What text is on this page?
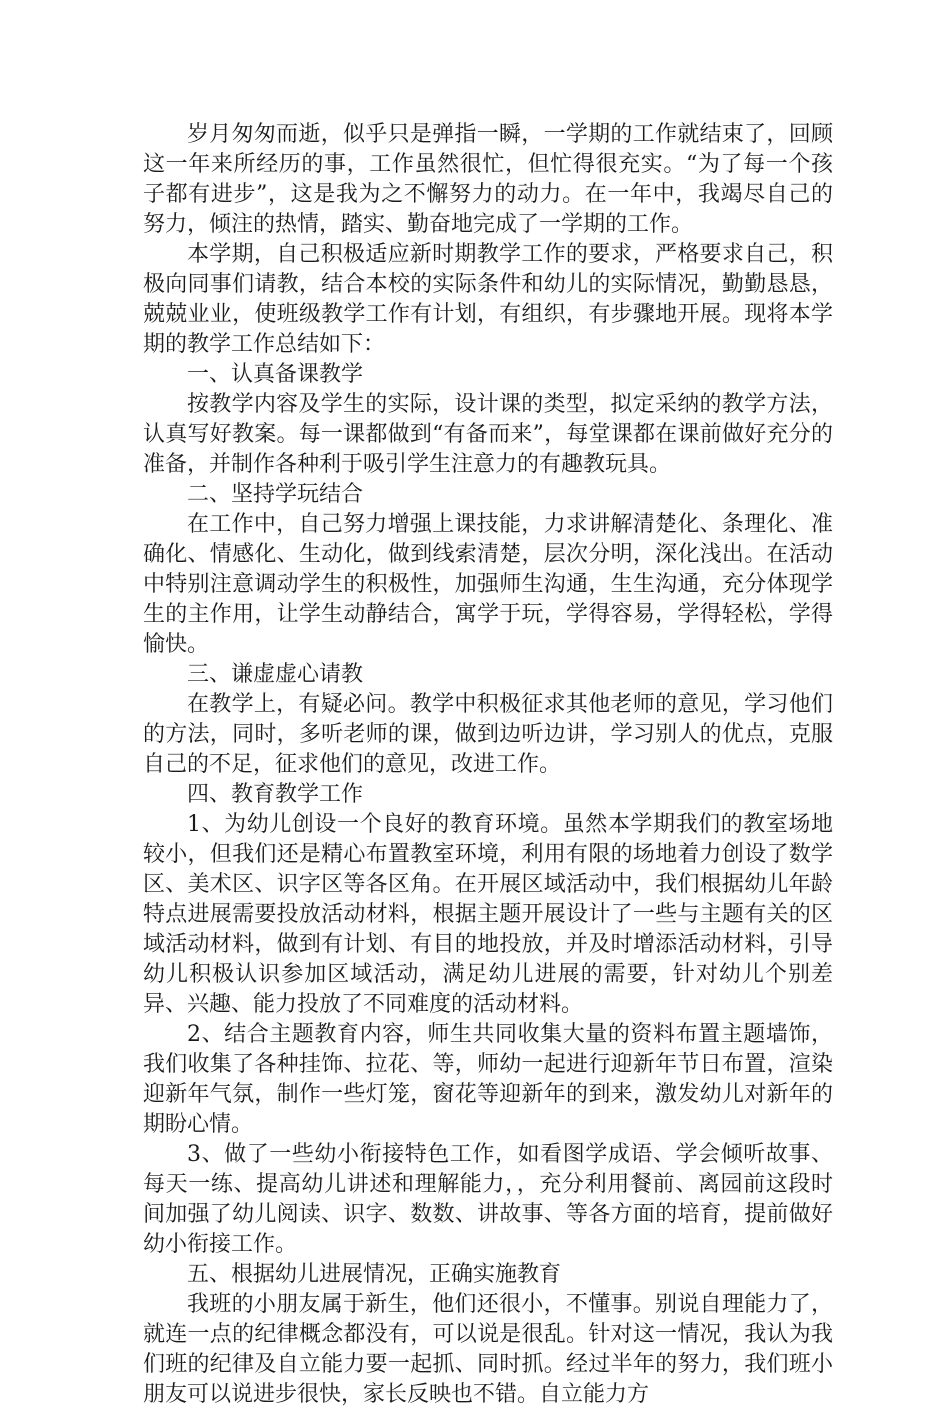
岁月匆匆而逝，似乎只是弹指一瞬，一学期的工作就结束了，回顾这一年来所经历的事，工作虽然很忙，但忙得很充实。“为了每一个孩子都有进步”，这是我为之不懈努力的动力。在一年中，我竭尽自己的努力，倾注的热情，踏实、勤奋地完成了一学期的工作。

本学期，自己积极适应新时期教学工作的要求，严格要求自己，积极向同事们请教，结合本校的实际条件和幼儿的实际情况，勤勤恳恳，兢兢业业，使班级教学工作有计划，有组织，有步骤地开展。现将本学期的教学工作总结如下：

一、认真备课教学

按教学内容及学生的实际，设计课的类型，拟定采纳的教学方法，认真写好教案。每一课都做到“有备而来”，每堂课都在课前做好充分的准备，并制作各种利于吸引学生注意力的有趣教玩具。

二、坚持学玩结合

在工作中，自己努力增强上课技能，力求讲解清楚化、条理化、准确化、情感化、生动化，做到线索清楚，层次分明，深化浅出。在活动中特别注意调动学生的积极性，加强师生沟通，生生沟通，充分体现学生的主作用，让学生动静结合，寓学于玩，学得容易，学得轻松，学得愉快。

三、谦虚虚心请教

在教学上，有疑必问。教学中积极征求其他老师的意见，学习他们的方法，同时，多听老师的课，做到边听边讲，学习别人的优点，克服自己的不足，征求他们的意见，改进工作。

四、教育教学工作

1、为幼儿创设一个良好的教育环境。虽然本学期我们的教室场地较小，但我们还是精心布置教室环境，利用有限的场地着力创设了数学区、美术区、识字区等各区角。在开展区域活动中，我们根据幼儿年龄特点进展需要投放活动材料，根据主题开展设计了一些与主题有关的区域活动材料，做到有计划、有目的地投放，并及时增添活动材料，引导幼儿积极认识参加区域活动，满足幼儿进展的需要，针对幼儿个别差异、兴趣、能力投放了不同难度的活动材料。

2、结合主题教育内容，师生共同收集大量的资料布置主题墙饰，我们收集了各种挂饰、拉花、等，师幼一起进行迎新年节日布置，渲染迎新年气氛，制作一些灯笼，窗花等迎新年的到来，激发幼儿对新年的期盼心情。

3、做了一些幼小衔接特色工作，如看图学成语、学会倾听故事、每天一练、提高幼儿讲述和理解能力，，充分利用餐前、离园前这段时间加强了幼儿阅读、识字、数数、讲故事、等各方面的培育，提前做好幼小衔接工作。

五、根据幼儿进展情况，正确实施教育

我班的小朋友属于新生，他们还很小，不懂事。别说自理能力了，就连一点的纪律概念都没有，可以说是很乱。针对这一情况，我认为我们班的纪律及自立能力要一起抓、同时抓。经过半年的努力，我们班小朋友可以说进步很快，家长反映也不错。自立能力方
